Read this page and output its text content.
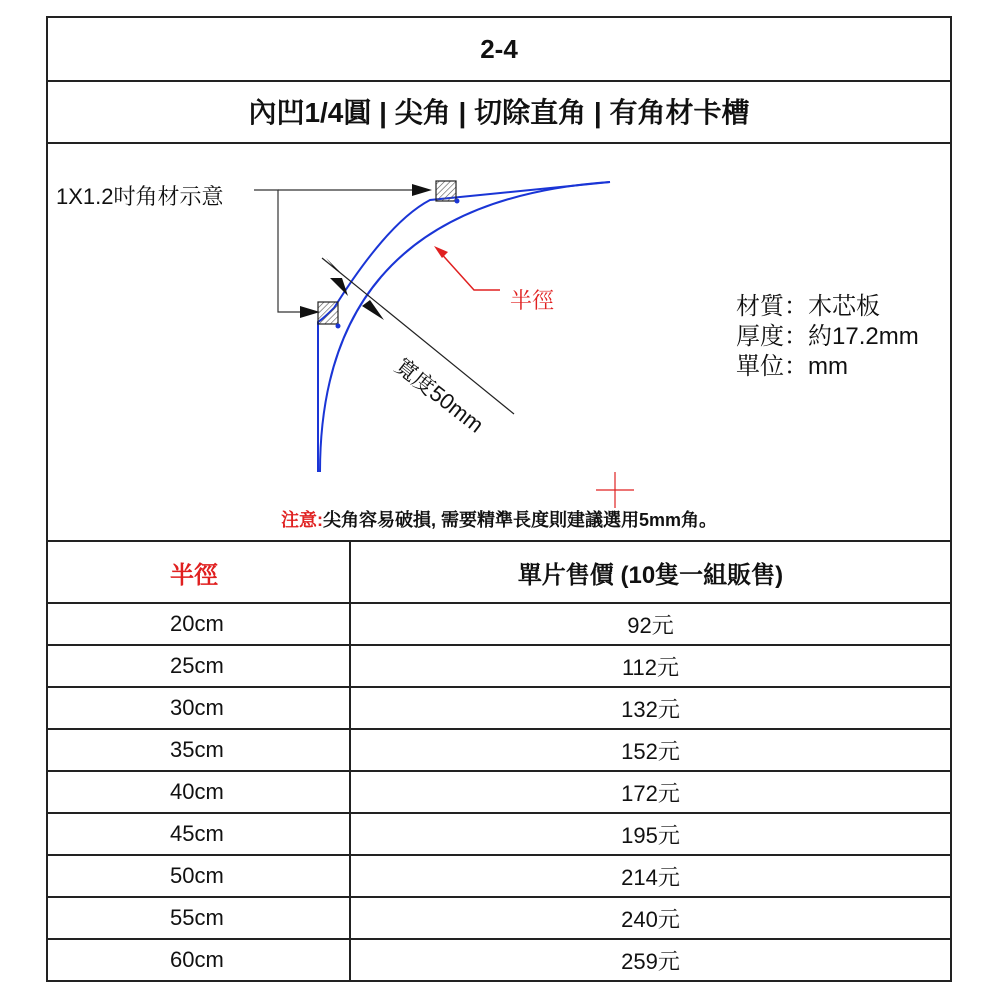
2-4
內凹1/4圓 | 尖角 | 切除直角 | 有角材卡槽
1X1.2吋角材示意
半徑
寬度50mm
材質：木芯板
厚度：約17.2mm
單位：mm
注意:尖角容易破損, 需要精準長度則建議選用5mm角。
半徑	單片售價 (10隻一組販售)
20cm	92元
25cm	112元
30cm	132元
35cm	152元
40cm	172元
45cm	195元
50cm	214元
55cm	240元
60cm	259元
